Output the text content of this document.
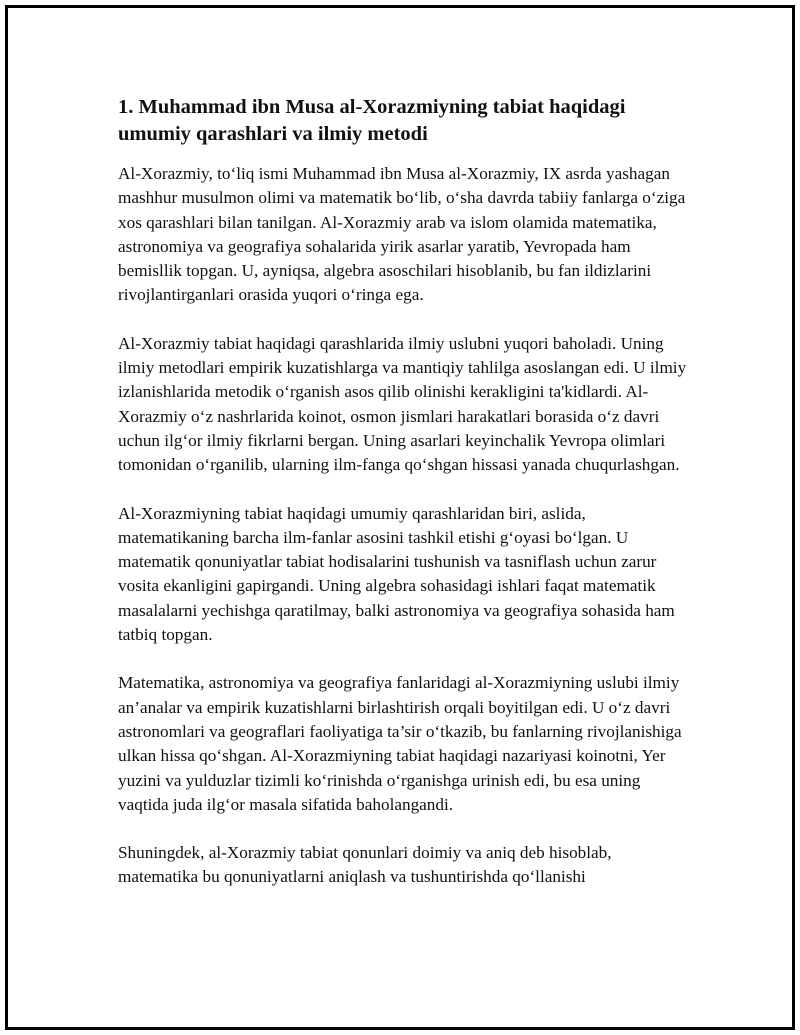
1. Muhammad ibn Musa al-Xorazmiyning tabiat haqidagi umumiy qarashlari va ilmiy metodi

Al-Xorazmiy, to‘liq ismi Muhammad ibn Musa al-Xorazmiy, IX asrda yashagan mashhur musulmon olimi va matematik bo‘lib, o‘sha davrda tabiiy fanlarga o‘ziga xos qarashlari bilan tanilgan. Al-Xorazmiy arab va islom olamida matematika, astronomiya va geografiya sohalarida yirik asarlar yaratib, Yevropada ham bemisllik topgan. U, ayniqsa, algebra asoschilari hisoblanib, bu fan ildizlarini rivojlantirganlari orasida yuqori o‘ringa ega.

Al-Xorazmiy tabiat haqidagi qarashlarida ilmiy uslubni yuqori baholadi. Uning ilmiy metodlari empirik kuzatishlarga va mantiqiy tahlilga asoslangan edi. U ilmiy izlanishlarida metodik o‘rganish asos qilib olinishi kerakligini ta'kidlardi. Al-Xorazmiy o‘z nashrlarida koinot, osmon jismlari harakatlari borasida o‘z davri uchun ilg‘or ilmiy fikrlarni bergan. Uning asarlari keyinchalik Yevropa olimlari tomonidan o‘rganilib, ularning ilm-fanga qo‘shgan hissasi yanada chuqurlashgan.

Al-Xorazmiyning tabiat haqidagi umumiy qarashlaridan biri, aslida, matematikaning barcha ilm-fanlar asosini tashkil etishi g‘oyasi bo‘lgan. U matematik qonuniyatlar tabiat hodisalarini tushunish va tasniflash uchun zarur vosita ekanligini gapirgandi. Uning algebra sohasidagi ishlari faqat matematik masalalarni yechishga qaratilmay, balki astronomiya va geografiya sohasida ham tatbiq topgan.

Matematika, astronomiya va geografiya fanlaridagi al-Xorazmiyning uslubi ilmiy an’analar va empirik kuzatishlarni birlashtirish orqali boyitilgan edi. U o‘z davri astronomlari va geograflari faoliyatiga ta’sir o‘tkazib, bu fanlarning rivojlanishiga ulkan hissa qo‘shgan. Al-Xorazmiyning tabiat haqidagi nazariyasi koinotni, Yer yuzini va yulduzlar tizimli ko‘rinishda o‘rganishga urinish edi, bu esa uning vaqtida juda ilg‘or masala sifatida baholangandi.

Shuningdek, al-Xorazmiy tabiat qonunlari doimiy va aniq deb hisoblab, matematika bu qonuniyatlarni aniqlash va tushuntirishda qo‘llanishi
